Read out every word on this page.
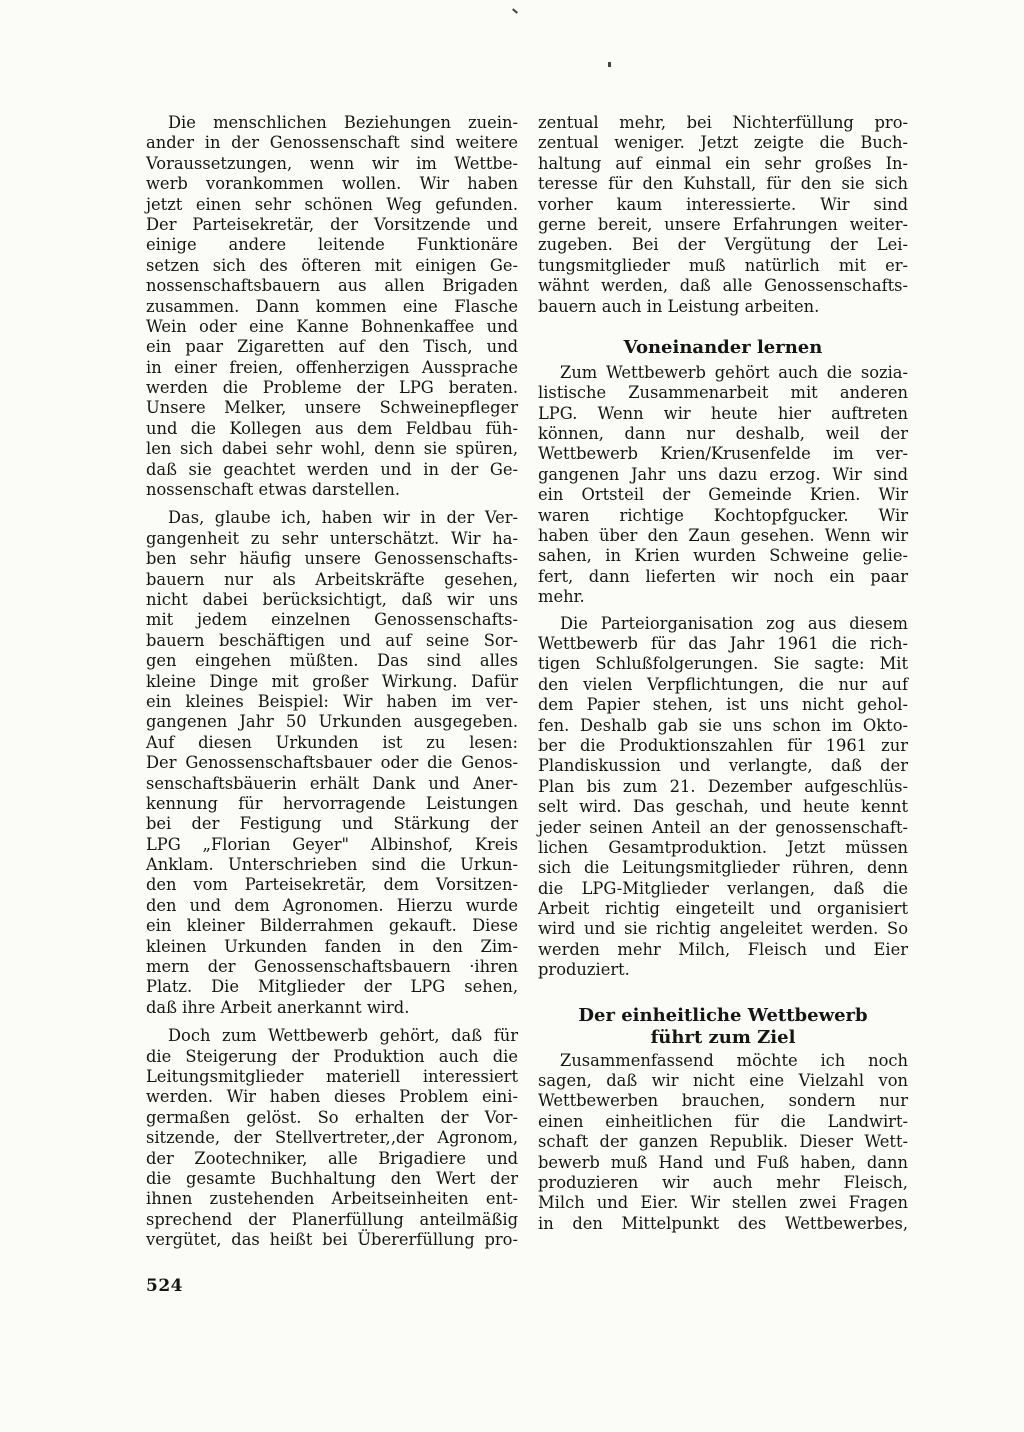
Die menschlichen Beziehungen zuein-
ander in der Genossenschaft sind weitere
Voraussetzungen, wenn wir im Wettbe-
werb vorankommen wollen. Wir haben
jetzt einen sehr schönen Weg gefunden.
Der Parteisekretär, der Vorsitzende und
einige andere leitende Funktionäre
setzen sich des öfteren mit einigen Ge-
nossenschaftsbauern aus allen Brigaden
zusammen. Dann kommen eine Flasche
Wein oder eine Kanne Bohnenkaffee und
ein paar Zigaretten auf den Tisch, und
in einer freien, offenherzigen Aussprache
werden die Probleme der LPG beraten.
Unsere Melker, unsere Schweinepfleger
und die Kollegen aus dem Feldbau füh-
len sich dabei sehr wohl, denn sie spüren,
daß sie geachtet werden und in der Ge-
nossenschaft etwas darstellen.
Das, glaube ich, haben wir in der Ver-
gangenheit zu sehr unterschätzt. Wir ha-
ben sehr häufig unsere Genossenschafts-
bauern nur als Arbeitskräfte gesehen,
nicht dabei berücksichtigt, daß wir uns
mit jedem einzelnen Genossenschafts-
bauern beschäftigen und auf seine Sor-
gen eingehen müßten. Das sind alles
kleine Dinge mit großer Wirkung. Dafür
ein kleines Beispiel: Wir haben im ver-
gangenen Jahr 50 Urkunden ausgegeben.
Auf diesen Urkunden ist zu lesen:
Der Genossenschaftsbauer oder die Genos-
senschaftsbäuerin erhält Dank und Aner-
kennung für hervorragende Leistungen
bei der Festigung und Stärkung der
LPG „Florian Geyer" Albinshof, Kreis
Anklam. Unterschrieben sind die Urkun-
den vom Parteisekretär, dem Vorsitzen-
den und dem Agronomen. Hierzu wurde
ein kleiner Bilderrahmen gekauft. Diese
kleinen Urkunden fanden in den Zim-
mern der Genossenschaftsbauern ·ihren
Platz. Die Mitglieder der LPG sehen,
daß ihre Arbeit anerkannt wird.
Doch zum Wettbewerb gehört, daß für
die Steigerung der Produktion auch die
Leitungsmitglieder materiell interessiert
werden. Wir haben dieses Problem eini-
germaßen gelöst. So erhalten der Vor-
sitzende, der Stellvertreter,‚der Agronom,
der Zootechniker, alle Brigadiere und
die gesamte Buchhaltung den Wert der
ihnen zustehenden Arbeitseinheiten ent-
sprechend der Planerfüllung anteilmäßig
vergütet, das heißt bei Übererfüllung pro-
zentual mehr, bei Nichterfüllung pro-
zentual weniger. Jetzt zeigte die Buch-
haltung auf einmal ein sehr großes In-
teresse für den Kuhstall, für den sie sich
vorher kaum interessierte. Wir sind
gerne bereit, unsere Erfahrungen weiter-
zugeben. Bei der Vergütung der Lei-
tungsmitglieder muß natürlich mit er-
wähnt werden, daß alle Genossenschafts-
bauern auch in Leistung arbeiten.
Voneinander lernen
Zum Wettbewerb gehört auch die sozia-
listische Zusammenarbeit mit anderen
LPG. Wenn wir heute hier auftreten
können, dann nur deshalb, weil der
Wettbewerb Krien/Krusenfelde im ver-
gangenen Jahr uns dazu erzog. Wir sind
ein Ortsteil der Gemeinde Krien. Wir
waren richtige Kochtopfgucker. Wir
haben über den Zaun gesehen. Wenn wir
sahen, in Krien wurden Schweine gelie-
fert, dann lieferten wir noch ein paar
mehr.
Die Parteiorganisation zog aus diesem
Wettbewerb für das Jahr 1961 die rich-
tigen Schlußfolgerungen. Sie sagte: Mit
den vielen Verpflichtungen, die nur auf
dem Papier stehen, ist uns nicht gehol-
fen. Deshalb gab sie uns schon im Okto-
ber die Produktionszahlen für 1961 zur
Plandiskussion und verlangte, daß der
Plan bis zum 21. Dezember aufgeschlüs-
selt wird. Das geschah, und heute kennt
jeder seinen Anteil an der genossenschaft-
lichen Gesamtproduktion. Jetzt müssen
sich die Leitungsmitglieder rühren, denn
die LPG-Mitglieder verlangen, daß die
Arbeit richtig eingeteilt und organisiert
wird und sie richtig angeleitet werden. So
werden mehr Milch, Fleisch und Eier
produziert.
Der einheitliche Wettbewerb
führt zum Ziel
Zusammenfassend möchte ich noch
sagen, daß wir nicht eine Vielzahl von
Wettbewerben brauchen, sondern nur
einen einheitlichen für die Landwirt-
schaft der ganzen Republik. Dieser Wett-
bewerb muß Hand und Fuß haben, dann
produzieren wir auch mehr Fleisch,
Milch und Eier. Wir stellen zwei Fragen
in den Mittelpunkt des Wettbewerbes,
524
